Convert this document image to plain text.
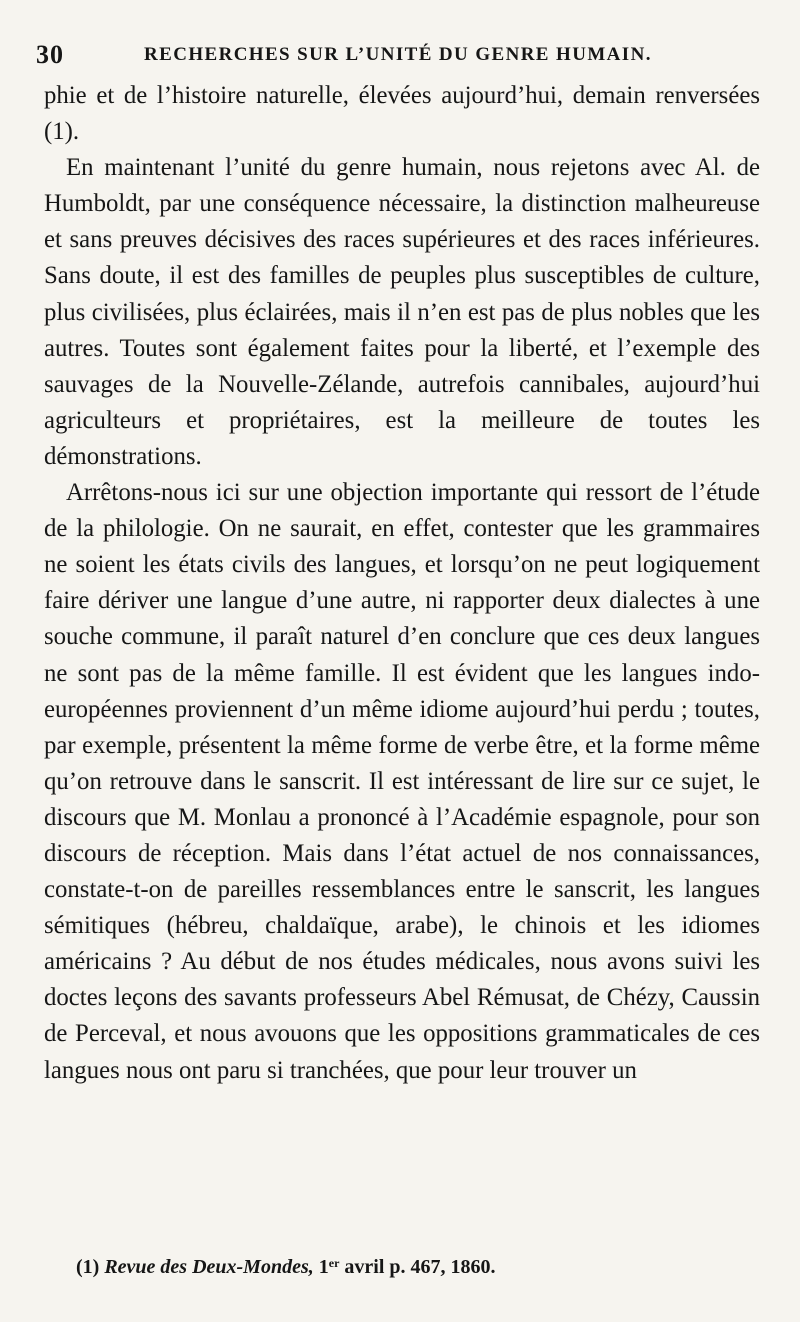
30	RECHERCHES SUR L’UNITÉ DU GENRE HUMAIN.

phie et de l’histoire naturelle, élevées aujourd’hui, demain renversées (1).

En maintenant l’unité du genre humain, nous rejetons avec Al. de Humboldt, par une conséquence nécessaire, la distinction malheureuse et sans preuves décisives des races supérieures et des races inférieures. Sans doute, il est des familles de peuples plus susceptibles de culture, plus civilisées, plus éclairées, mais il n’en est pas de plus nobles que les autres. Toutes sont également faites pour la liberté, et l’exemple des sauvages de la Nouvelle-Zélande, autrefois cannibales, aujourd’hui agriculteurs et propriétaires, est la meilleure de toutes les démonstrations.

Arrêtons-nous ici sur une objection importante qui ressort de l’étude de la philologie. On ne saurait, en effet, contester que les grammaires ne soient les états civils des langues, et lorsqu’on ne peut logiquement faire dériver une langue d’une autre, ni rapporter deux dialectes à une souche commune, il paraît naturel d’en conclure que ces deux langues ne sont pas de la même famille. Il est évident que les langues indo-européennes proviennent d’un même idiome aujourd’hui perdu ; toutes, par exemple, présentent la même forme de verbe être, et la forme même qu’on retrouve dans le sanscrit. Il est intéressant de lire sur ce sujet, le discours que M. Monlau a prononcé à l’Académie espagnole, pour son discours de réception. Mais dans l’état actuel de nos connaissances, constate-t-on de pareilles ressemblances entre le sanscrit, les langues sémitiques (hébreu, chaldaïque, arabe), le chinois et les idiomes américains ? Au début de nos études médicales, nous avons suivi les doctes leçons des savants professeurs Abel Rémusat, de Chézy, Caussin de Perceval, et nous avouons que les oppositions grammaticales de ces langues nous ont paru si tranchées, que pour leur trouver un

(1) Revue des Deux-Mondes, 1er avril p. 467, 1860.
